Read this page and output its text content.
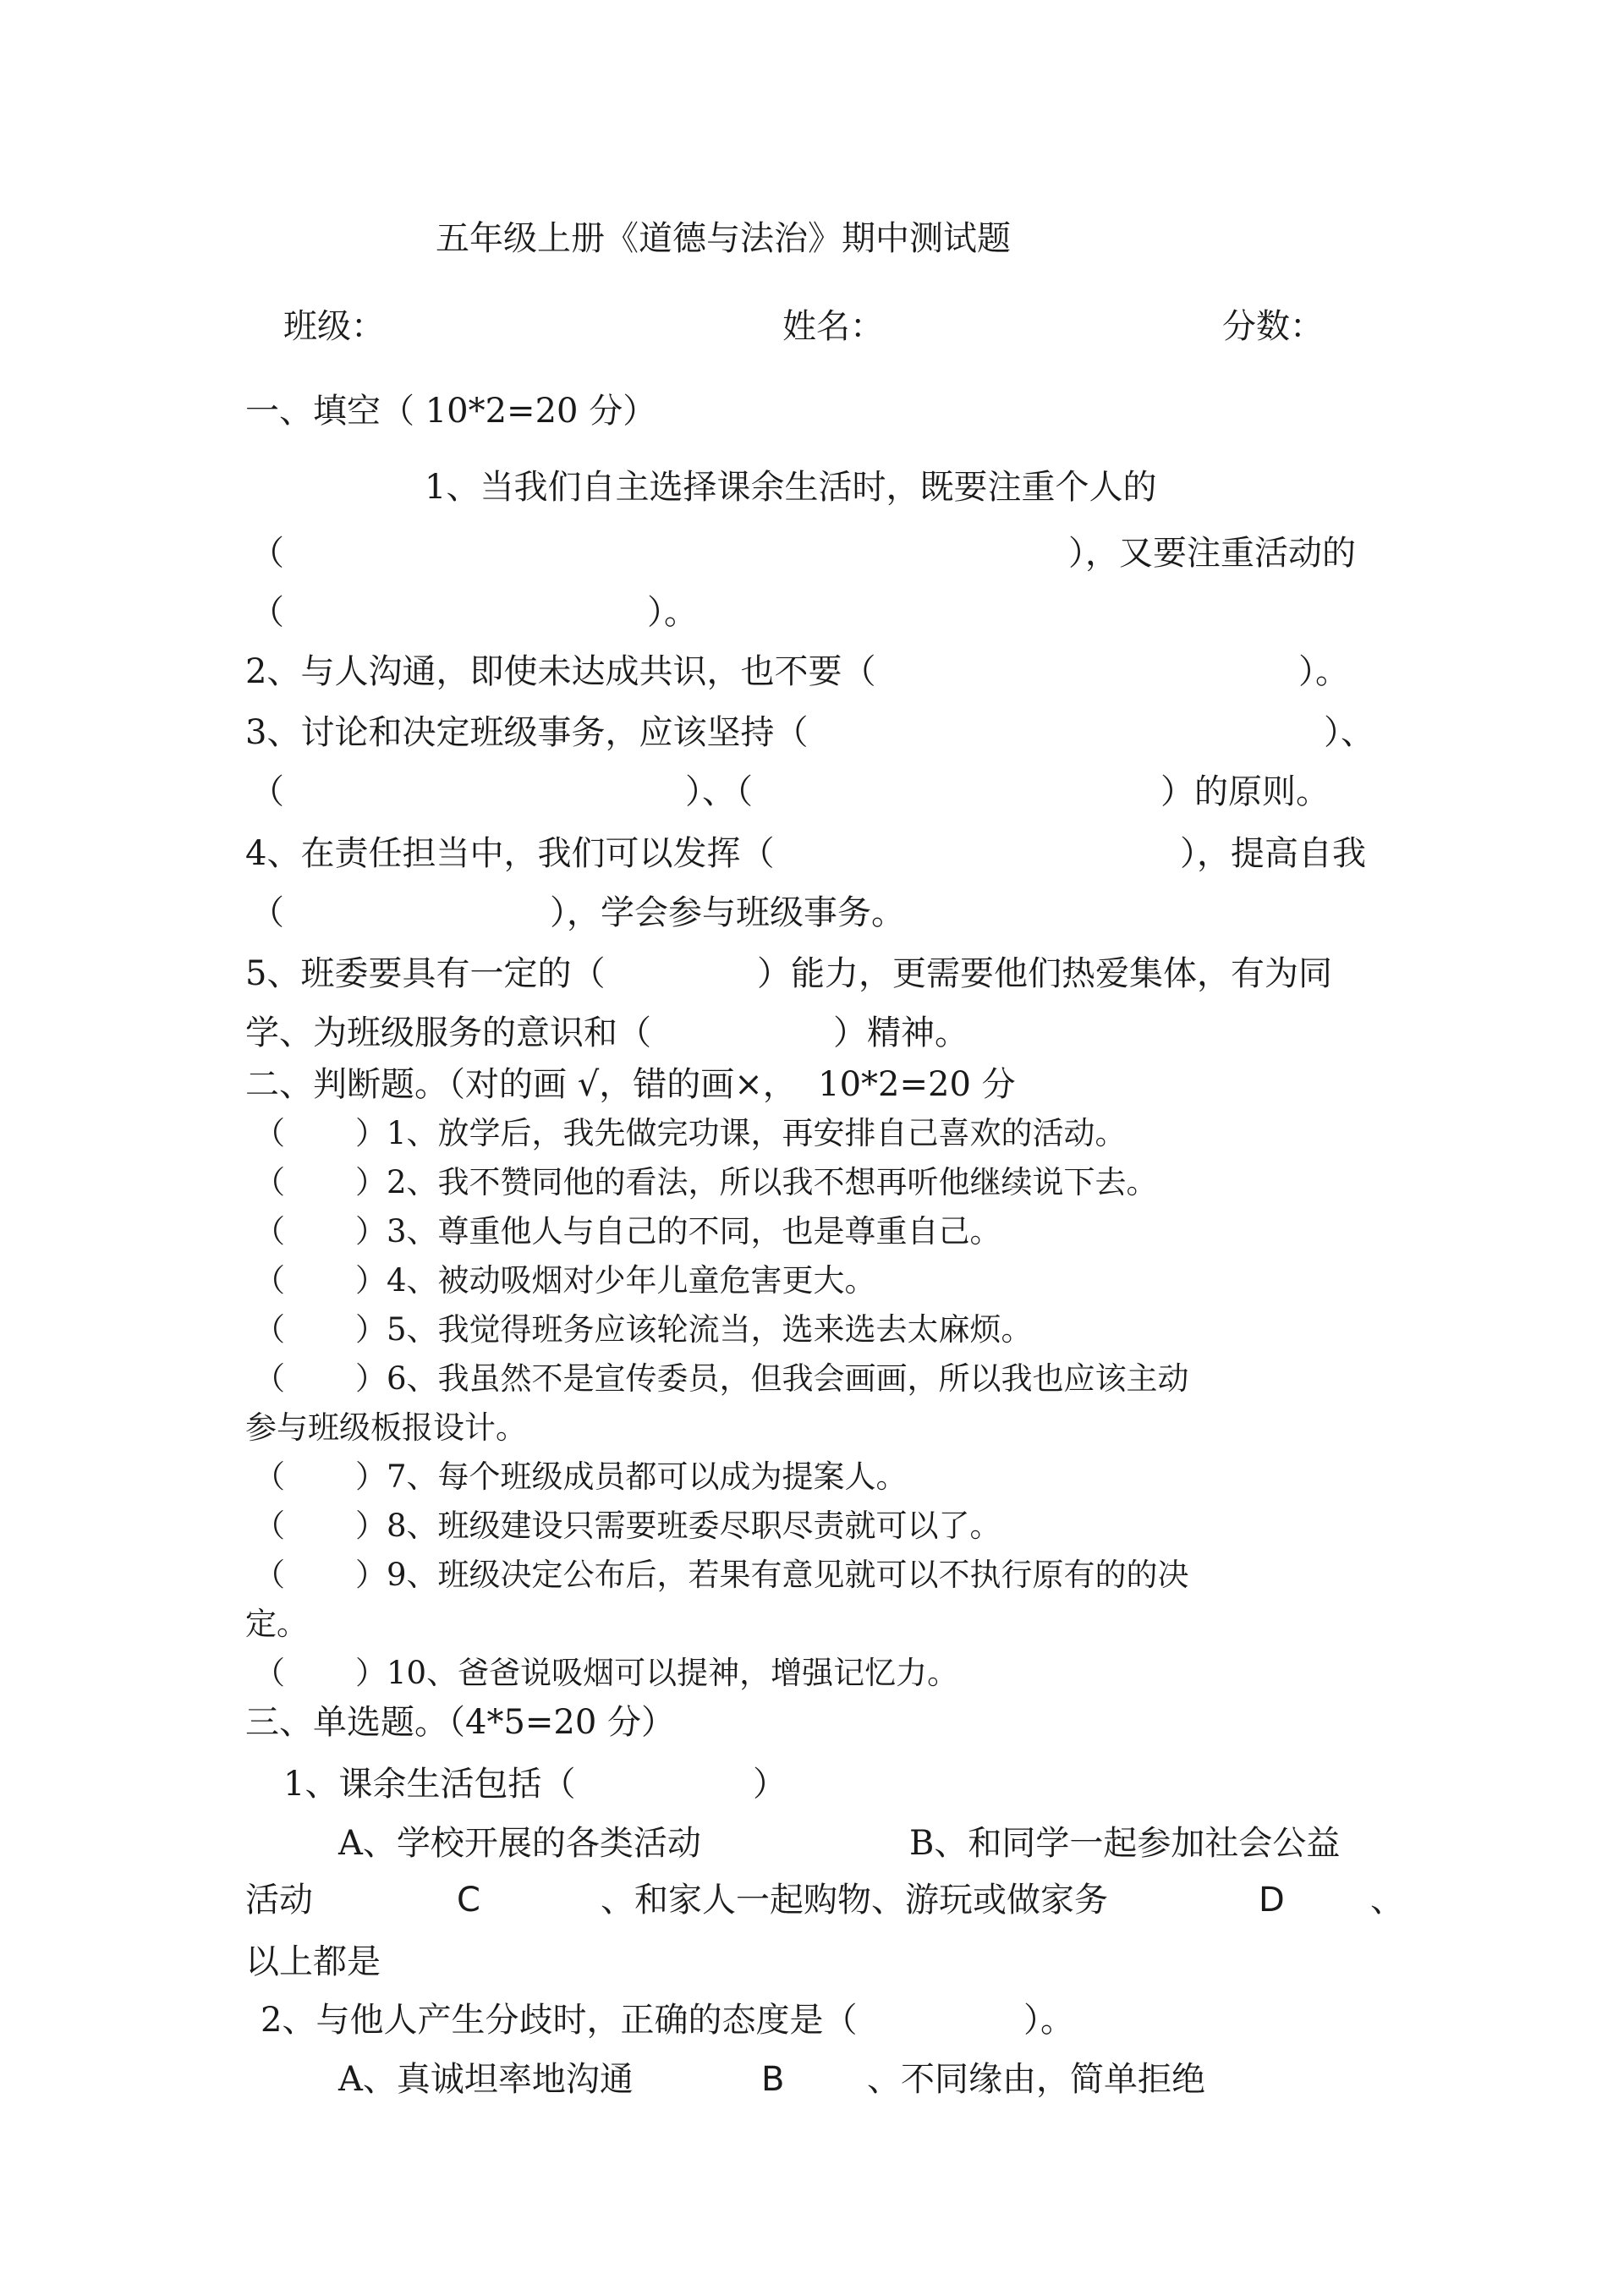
五年级上册《道德与法治》期中测试题
班级：	姓名：	分数：
一、填空（ 10*2=20 分）
1、当我们自主选择课余生活时，既要注重个人的
（	），又要注重活动的
（	）。
2、与人沟通，即使未达成共识，也不要（	）。
3、讨论和决定班级事务，应该坚持（	）、
（	）、（	）的原则。
4、在责任担当中，我们可以发挥（	），提高自我
（	），学会参与班级事务。
5、班委要具有一定的（	）能力，更需要他们热爱集体，有为同
学、为班级服务的意识和（	）精神。
二、判断题。（对的画 √，错的画×，  10*2=20 分
（ ）1、放学后，我先做完功课，再安排自己喜欢的活动。
（ ）2、我不赞同他的看法，所以我不想再听他继续说下去。
（ ）3、尊重他人与自己的不同，也是尊重自己。
（ ）4、被动吸烟对少年儿童危害更大。
（ ）5、我觉得班务应该轮流当，选来选去太麻烦。
（ ）6、我虽然不是宣传委员，但我会画画，所以我也应该主动
参与班级板报设计。
（ ）7、每个班级成员都可以成为提案人。
（ ）8、班级建设只需要班委尽职尽责就可以了。
（ ）9、班级决定公布后，若果有意见就可以不执行原有的的决
定。
（ ）10、爸爸说吸烟可以提神，增强记忆力。
三、单选题。（4*5=20 分）
1、课余生活包括（	）
A、学校开展的各类活动	B、和同学一起参加社会公益
活动	C	、和家人一起购物、游玩或做家务	D	、
以上都是
2、与他人产生分歧时，正确的态度是（	）。
A、真诚坦率地沟通	B 、不同缘由，简单拒绝
